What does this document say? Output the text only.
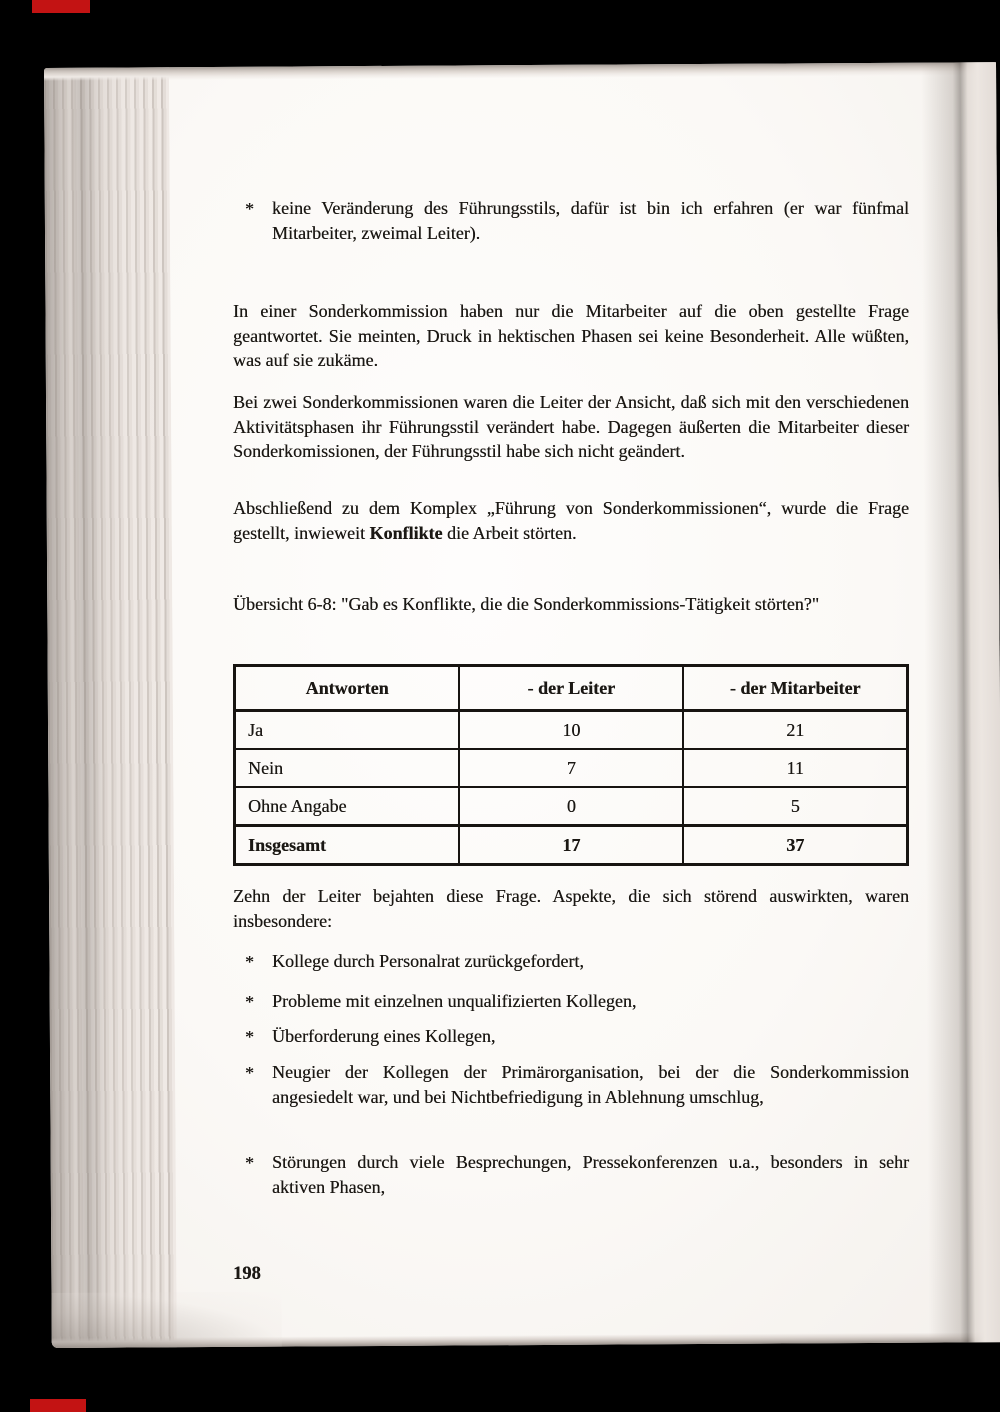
* keine Veränderung des Führungsstils, dafür ist bin ich erfahren (er war fünfmal Mitarbeiter, zweimal Leiter).

In einer Sonderkommission haben nur die Mitarbeiter auf die oben gestellte Frage geantwortet. Sie meinten, Druck in hektischen Phasen sei keine Besonderheit. Alle wüßten, was auf sie zukäme.

Bei zwei Sonderkommissionen waren die Leiter der Ansicht, daß sich mit den verschiedenen Aktivitätsphasen ihr Führungsstil verändert habe. Dagegen äußerten die Mitarbeiter dieser Sonderkomissionen, der Führungsstil habe sich nicht geändert.

Abschließend zu dem Komplex „Führung von Sonderkommissionen“, wurde die Frage gestellt, inwieweit Konflikte die Arbeit störten.

Übersicht 6-8: "Gab es Konflikte, die die Sonderkommissions-Tätigkeit störten?"

Antworten	- der Leiter	- der Mitarbeiter
Ja	10	21
Nein	7	11
Ohne Angabe	0	5
Insgesamt	17	37

Zehn der Leiter bejahten diese Frage. Aspekte, die sich störend auswirkten, waren insbesondere:

* Kollege durch Personalrat zurückgefordert,
* Probleme mit einzelnen unqualifizierten Kollegen,
* Überforderung eines Kollegen,
* Neugier der Kollegen der Primärorganisation, bei der die Sonderkommission angesiedelt war, und bei Nichtbefriedigung in Ablehnung umschlug,
* Störungen durch viele Besprechungen, Pressekonferenzen u.a., besonders in sehr aktiven Phasen,
198
